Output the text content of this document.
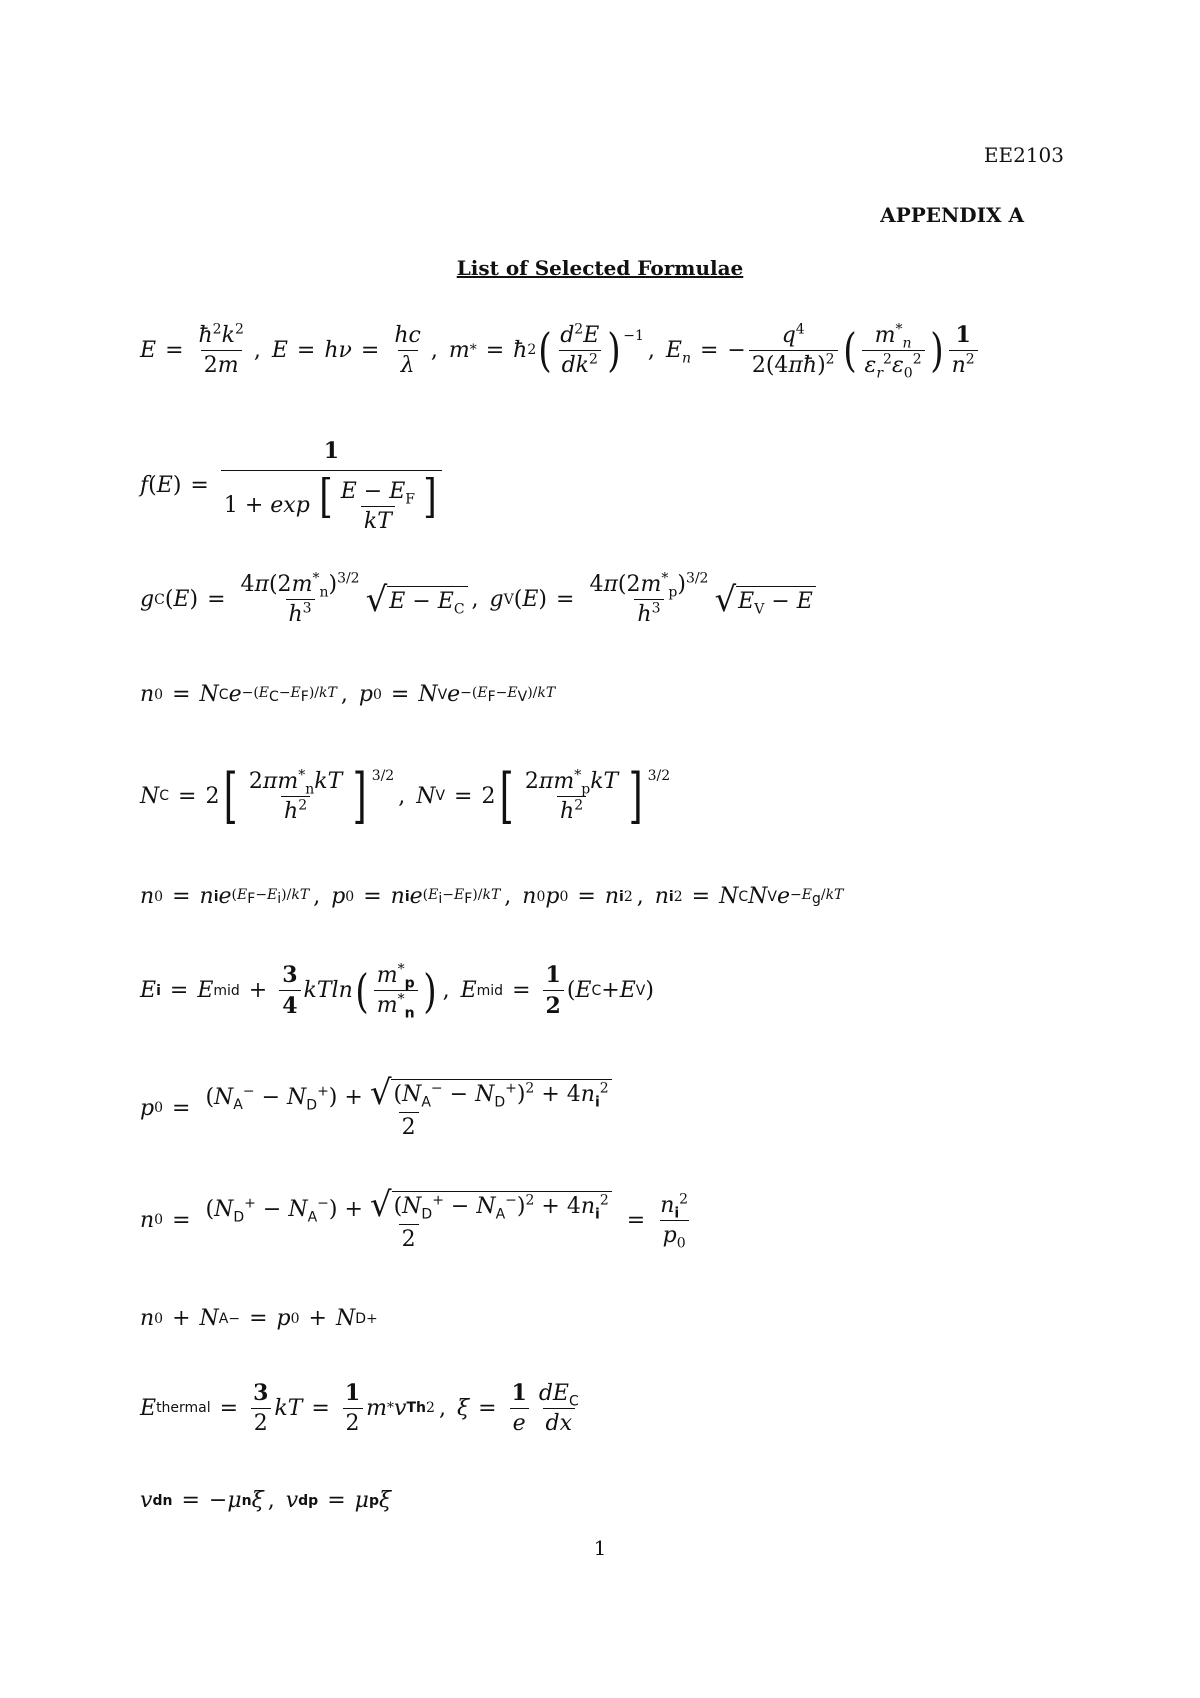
EE2103
APPENDIX A
List of Selected Formulae
$E = \frac{ħ^2k^2}{2m}$ ,
$E = h\nu = \frac{hc}{\lambda}$ ,
m * = ħ 2 ( $\frac{d^2E}{dk^2} )^{-1}$
,
$E_n$ = − $\frac{q^4}{2(4\pi ħ)^2}$ ( $\frac{m^*_n}{\varepsilon_r^2\varepsilon_0^2}$ ) $\frac{1}{n^2}$
f ( E ) = $\frac{1}{1 + \exp [ \frac{E - E_F}{kT} ]}$
g C ( E ) = $\frac{4\pi(2m^*_n)^{3/2}}{h^3}$ √ $E - E_C$ ,
g V ( E ) = $\frac{4\pi(2m^*_p)^{3/2}}{h^3}$ √ $E_V - E$
n 0 = N C $e -(E_C-E_F)/kT$ ,
p 0 = N V $e -(E_F-E_V)/kT$
N C = 2 [ $\frac{2\pi m^*_nkT}{h^2}$ ] $^{3/2}$
,
N V = 2 [ $\frac{2\pi m^*_pkT}{h^2}$ ] $^{3/2}$
n 0 = n i e $(E_F-E_i)/kT$ ,
p 0 = n i e $(E_i-E_F)/kT$ ,
n 0 p 0 = n i 2 ,
n i 2 = N C N V $e -E_g/kT$
E i = E mid + $\frac{3}{4}$ kTln ( $\frac{m^*_p}{m^*_n}$ ) ,
E mid = $\frac{1}{2}$ ( E C + E V )
p $0 = \frac{(N_A^- - N_D^+) + √ (N_A^- - N_D^+)^2 + 4n_i^2}{2}$
n $0 = \frac{(N_D^+ - N_A^-) + √ (N_D^+ - N_A^-)^2 + 4n_i^2}{2} = \frac{n_i^2}{p_0}$
n 0 + N A − = p 0 + N D +
E thermal = $\frac{3}{2}$ kT = $\frac{1}{2}$ m * v Th 2 ,
$\xi = \frac{1}{e} \frac{dE_C}{dx}$
v dn = − μ n ξ ,
v dp = μ p ξ
1
